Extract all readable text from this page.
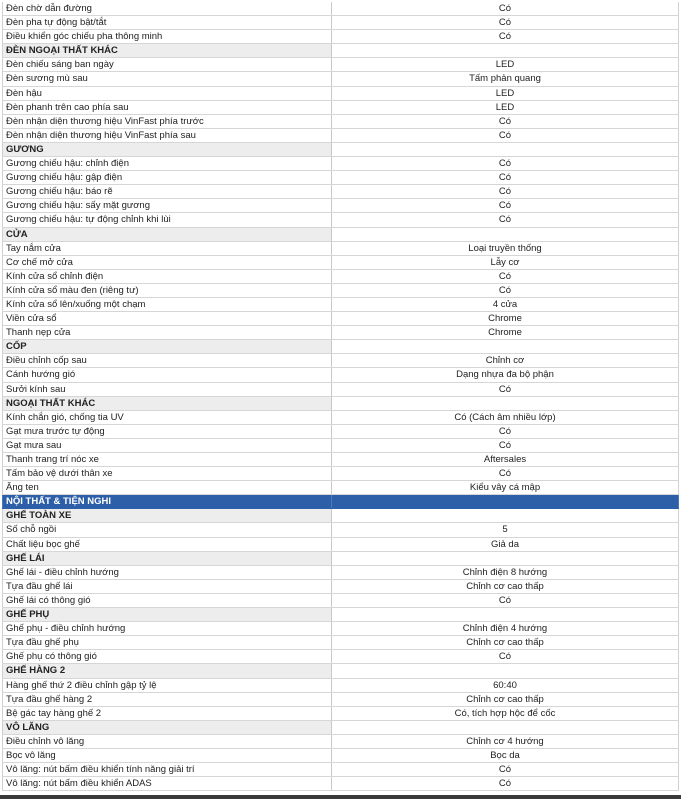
Đèn chờ dẫn đường	Có
Đèn pha tự động bật/tắt	Có
Điều khiển góc chiếu pha thông minh	Có
ĐÈN NGOẠI THẤT KHÁC
Đèn chiếu sáng ban ngày	LED
Đèn sương mù sau	Tấm phản quang
Đèn hậu	LED
Đèn phanh trên cao phía sau	LED
Đèn nhận diện thương hiệu VinFast phía trước	Có
Đèn nhận diện thương hiệu VinFast phía sau	Có
GƯƠNG
Gương chiếu hậu: chỉnh điện	Có
Gương chiếu hậu: gập điện	Có
Gương chiếu hậu: báo rẽ	Có
Gương chiếu hậu: sấy mặt gương	Có
Gương chiếu hậu: tự động chỉnh khi lùi	Có
CỬA
Tay nắm cửa	Loại truyền thống
Cơ chế mở cửa	Lẫy cơ
Kính cửa sổ chỉnh điện	Có
Kính cửa sổ màu đen (riêng tư)	Có
Kính cửa sổ lên/xuống một chạm	4 cửa
Viền cửa sổ	Chrome
Thanh nẹp cửa	Chrome
CỐP
Điều chỉnh cốp sau	Chỉnh cơ
Cánh hướng gió	Dạng nhựa đa bộ phận
Sưởi kính sau	Có
NGOẠI THẤT KHÁC
Kính chắn gió, chống tia UV	Có (Cách âm nhiều lớp)
Gạt mưa trước tự động	Có
Gạt mưa sau	Có
Thanh trang trí nóc xe	Aftersales
Tấm bảo vệ dưới thân xe	Có
Ăng ten	Kiểu vây cá mập
NỘI THẤT & TIỆN NGHI
GHẾ TOÀN XE
Số chỗ ngồi	5
Chất liệu bọc ghế	Giả da
GHẾ LÁI
Ghế lái - điều chỉnh hướng	Chỉnh điện 8 hướng
Tựa đầu ghế lái	Chỉnh cơ cao thấp
Ghế lái có thông gió	Có
GHẾ PHỤ
Ghế phụ - điều chỉnh hướng	Chỉnh điện 4 hướng
Tựa đầu ghế phụ	Chỉnh cơ cao thấp
Ghế phụ có thông gió	Có
GHẾ HÀNG 2
Hàng ghế thứ 2 điều chỉnh gập tỷ lệ	60:40
Tựa đầu ghế hàng 2	Chỉnh cơ cao thấp
Bệ gác tay hàng ghế 2	Có, tích hợp hộc để cốc
VÔ LĂNG
Điều chỉnh vô lăng	Chỉnh cơ 4 hướng
Bọc vô lăng	Bọc da
Vô lăng: nút bấm điều khiển tính năng giải trí	Có
Vô lăng: nút bấm điều khiển ADAS	Có
